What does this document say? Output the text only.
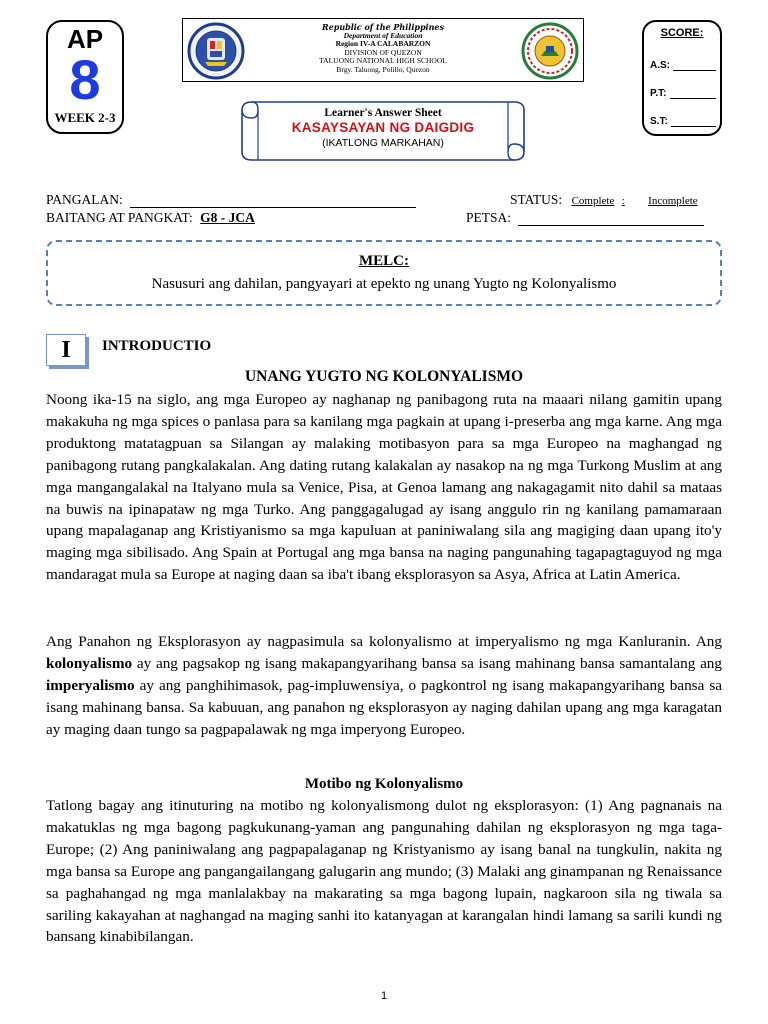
AP
8
WEEK 2-3
Republic of the Philippines
Department of Education
Region IV-A CALABARZON
DIVISION OF QUEZON
TALUONG NATIONAL HIGH SCHOOL
Brgy. Taluong, Polillo, Quezon
Learner's Answer Sheet
KASAYSAYAN NG DAIGDIG
(IKATLONG MARKAHAN)
SCORE:
A.S:
P.T:
S.T:
PANGALAN:	STATUS: Complete : Incomplete
BAITANG AT PANGKAT: G8 - JCA	PETSA:
MELC:
Nasusuri ang dahilan, pangyayari at epekto ng unang Yugto ng Kolonyalismo
I	INTRODUCTIO
UNANG YUGTO NG KOLONYALISMO
Noong ika-15 na siglo, ang mga Europeo ay naghanap ng panibagong ruta na maaari nilang gamitin upang makakuha ng mga spices o panlasa para sa kanilang mga pagkain at upang i-preserba ang mga karne. Ang mga produktong matatagpuan sa Silangan ay malaking motibasyon para sa mga Europeo na maghangad ng panibagong rutang pangkalakalan. Ang dating rutang kalakalan ay nasakop na ng mga Turkong Muslim at ang mga mangangalakal na Italyano mula sa Venice, Pisa, at Genoa lamang ang nakagagamit nito dahil sa mataas na buwis na ipinapataw ng mga Turko. Ang panggagalugad ay isang anggulo rin ng kanilang pamamaraan upang mapalaganap ang Kristiyanismo sa mga kapuluan at paniniwalang sila ang magiging daan upang ito'y maging mga sibilisado. Ang Spain at Portugal ang mga bansa na naging pangunahing tagapagtaguyod ng mga mandaragat mula sa Europe at naging daan sa iba't ibang eksplorasyon sa Asya, Africa at Latin America.
Ang Panahon ng Eksplorasyon ay nagpasimula sa kolonyalismo at imperyalismo ng mga Kanluranin. Ang kolonyalismo ay ang pagsakop ng isang makapangyarihang bansa sa isang mahinang bansa samantalang ang imperyalismo ay ang panghihimasok, pag-impluwensiya, o pagkontrol ng isang makapangyarihang bansa sa isang mahinang bansa. Sa kabuuan, ang panahon ng eksplorasyon ay naging dahilan upang ang mga karagatan ay maging daan tungo sa pagpapalawak ng mga imperyong Europeo.
Motibo ng Kolonyalismo
Tatlong bagay ang itinuturing na motibo ng kolonyalismong dulot ng eksplorasyon: (1) Ang pagnanais na makatuklas ng mga bagong pagkukunang-yaman ang pangunahing dahilan ng eksplorasyon ng mga taga-Europe; (2) Ang paniniwalang ang pagpapalaganap ng Kristyanismo ay isang banal na tungkulin, nakita ng mga bansa sa Europe ang pangangailangang galugarin ang mundo; (3) Malaki ang ginampanan ng Renaissance sa paghahangad ng mga manlalakbay na makarating sa mga bagong lupain, nagkaroon sila ng tiwala sa sariling kakayahan at naghangad na maging sanhi ito katanyagan at karangalan hindi lamang sa sarili kundi ng bansang kinabibilangan.
1
